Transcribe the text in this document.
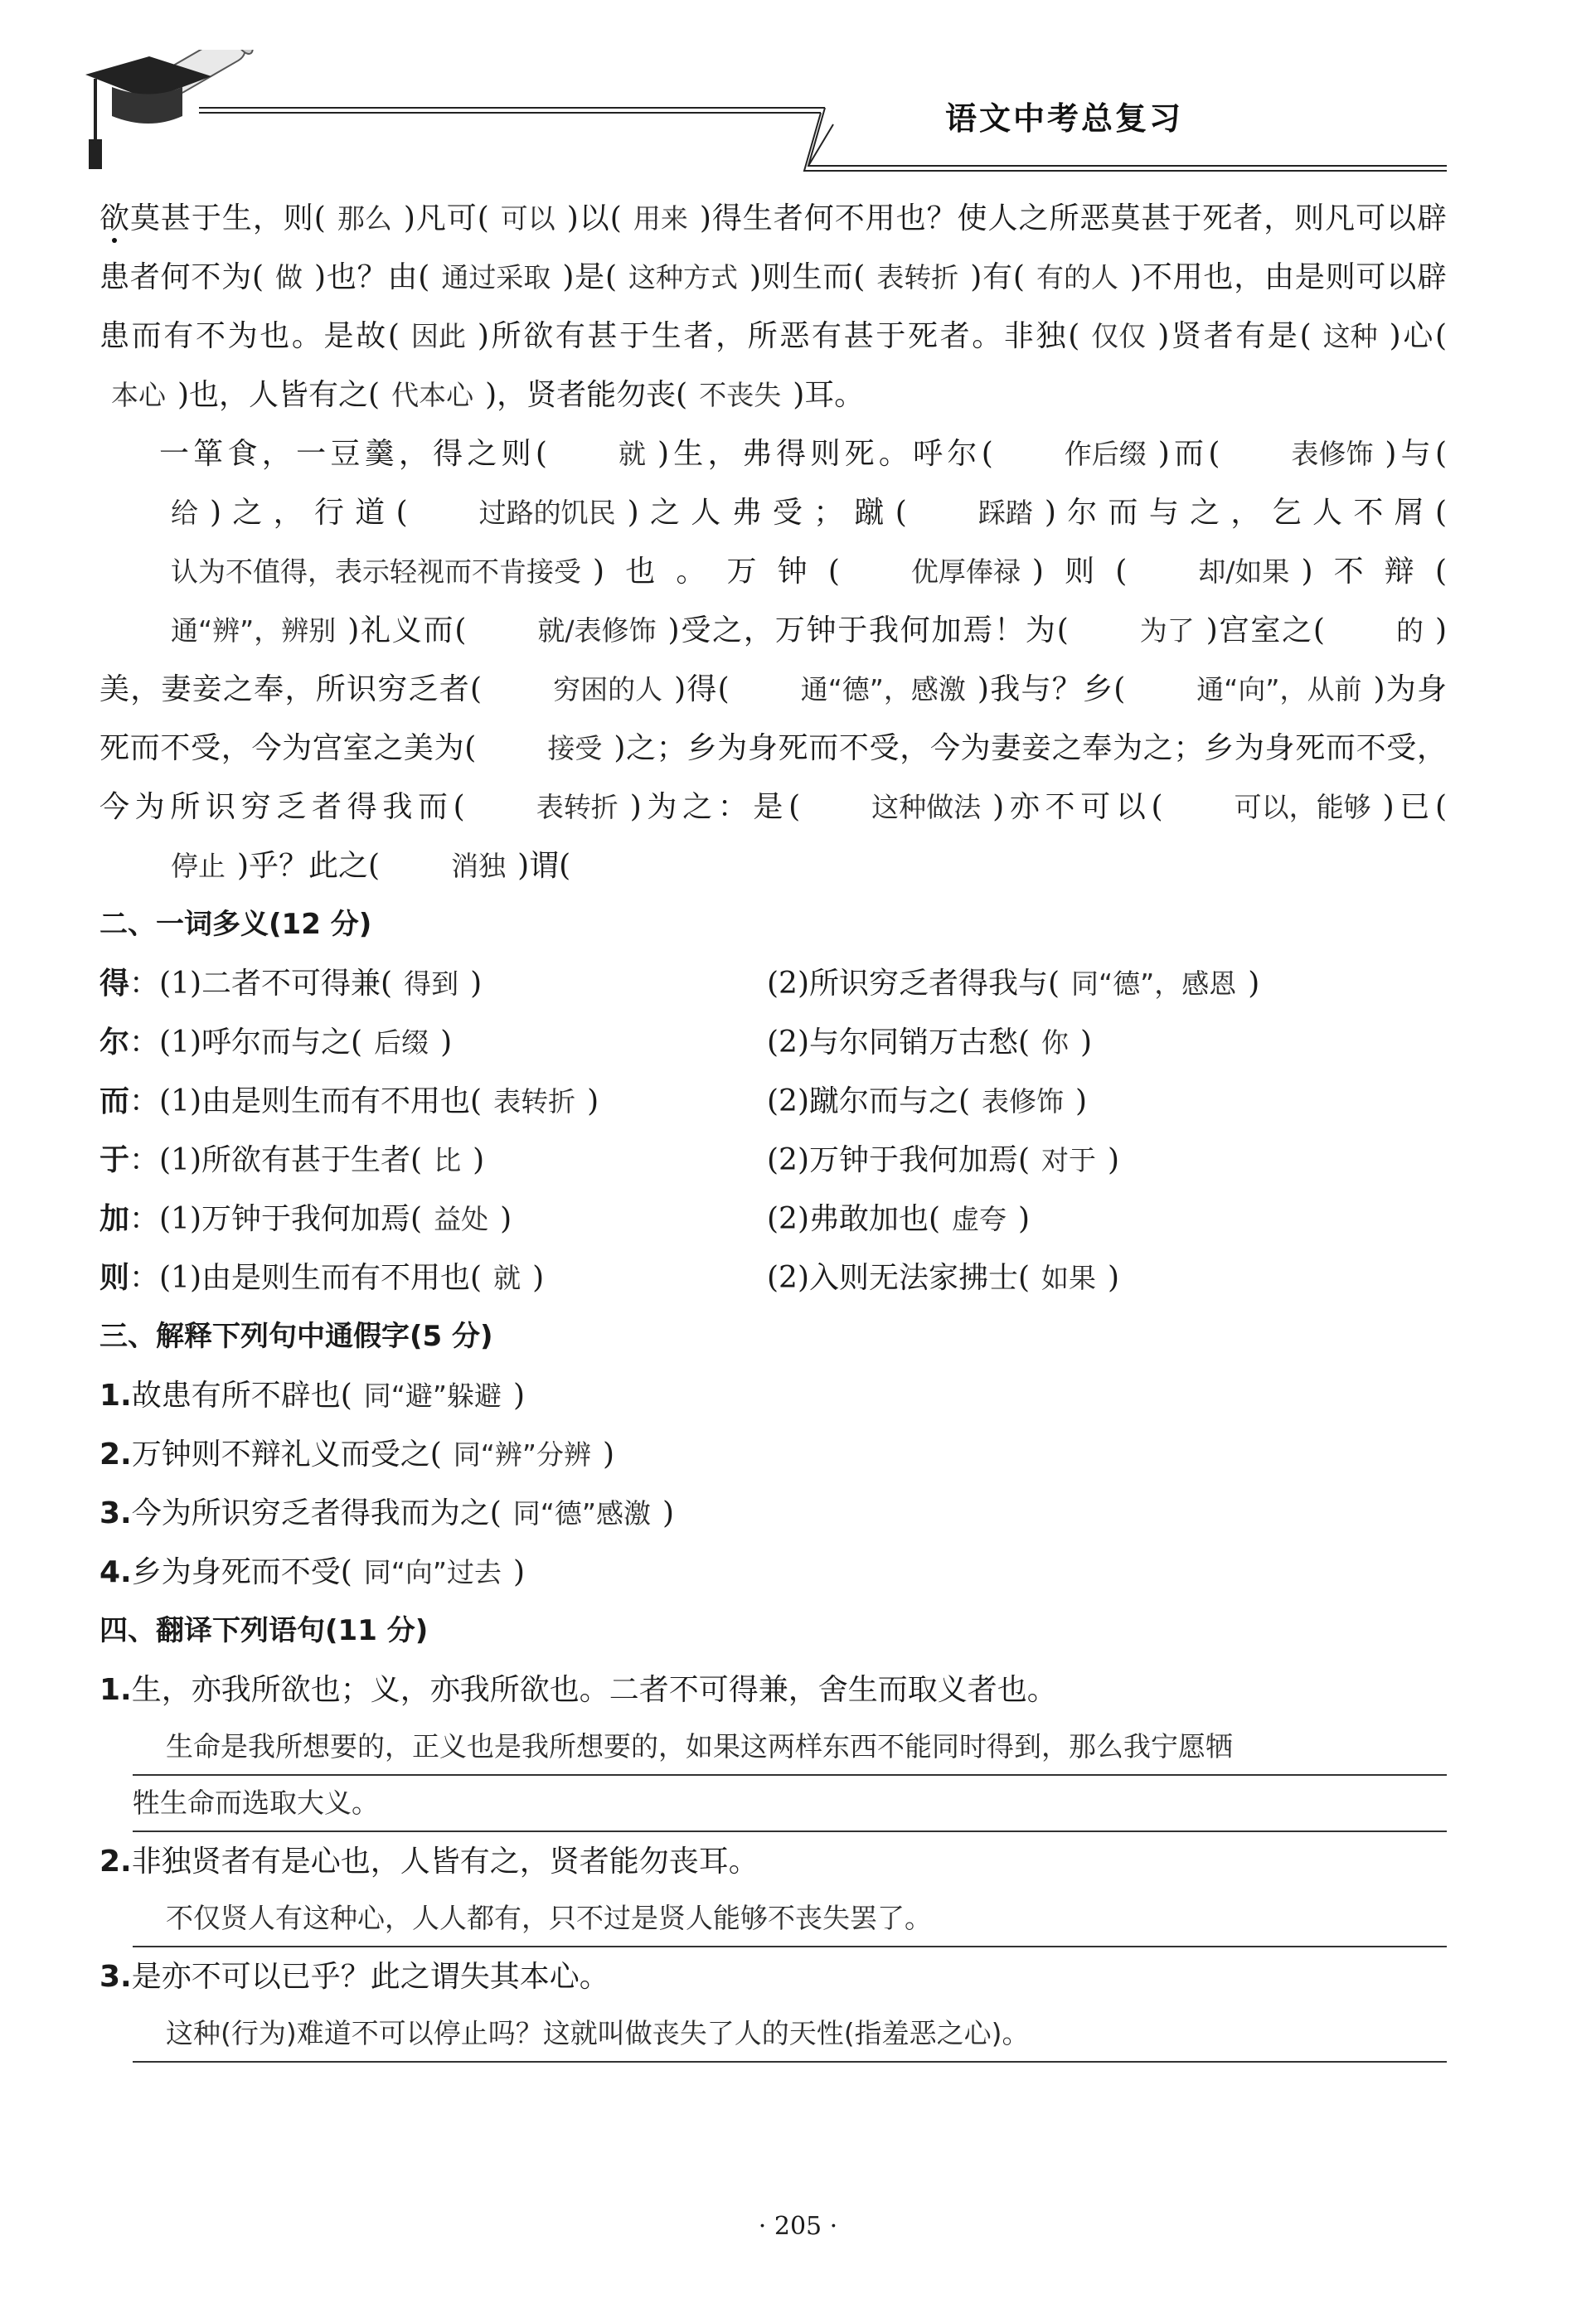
语文中考总复习

欲莫甚于生，则( 那么 )凡可( 可以 )以( 用来 )得生者何不用也？使人之所恶莫甚于死者，则凡可以辟患者何不为( 做 )也？由( 通过采取 )是( 这种方式 )则生而( 表转折 )有( 有的人 )不用也，由是则可以辟患而有不为也。是故( 因此 )所欲有甚于生者，所恶有甚于死者。非独( 仅仅 )贤者有是( 这种 )心(本心 )也，人皆有之( 代本心 )，贤者能勿丧( 不丧失 )耳。

一箪食，一豆羹，得之则(	就 )生，弗得则死。呼尔(	作后缀 )而(	表修饰 )与(给 )之，行道(	过路的饥民 )之人弗受；蹴(	踩踏 )尔而与之，乞人不屑(认为不值得，表示轻视而不肯接受 )也。万钟(	优厚俸禄 )则(	却/如果 )不辩(通“辨”，辨别 )礼义而(	就/表修饰 )受之，万钟于我何加焉！为(	为了 )宫室之(	的 )美，妻妾之奉，所识穷乏者(	穷困的人 )得(	通“德”，感激 )我与？乡(	通“向”，从前 )为身死而不受，今为宫室之美为(	接受 )之；乡为身死而不受，今为妻妾之奉为之；乡为身死而不受，今为所识穷乏者得我而(	表转折 )为之：是(	这种做法 )亦不可以(	可以，能够 )已(停止 )乎？此之(	消独 )谓(

二、一词多义(12 分)

得：(1)二者不可得兼( 得到 )	(2)所识穷乏者得我与( 同“德”，感恩 )
尔：(1)呼尔而与之( 后缀 )	(2)与尔同销万古愁( 你 )
而：(1)由是则生而有不用也( 表转折 )	(2)蹴尔而与之( 表修饰 )
于：(1)所欲有甚于生者( 比 )	(2)万钟于我何加焉( 对于 )
加：(1)万钟于我何加焉( 益处 )	(2)弗敢加也( 虚夸 )
则：(1)由是则生而有不用也( 就 )	(2)入则无法家拂士( 如果 )

三、解释下列句中通假字(5 分)

1.故患有所不辟也( 同“避”躲避 )

2.万钟则不辩礼义而受之( 同“辨”分辨 )

3.今为所识穷乏者得我而为之( 同“德”感激 )

4.乡为身死而不受( 同“向”过去 )

四、翻译下列语句(11 分)

1.生，亦我所欲也；义，亦我所欲也。二者不可得兼，舍生而取义者也。

生命是我所想要的，正义也是我所想要的，如果这两样东西不能同时得到，那么我宁愿牺
牲生命而选取大义。

2.非独贤者有是心也，人皆有之，贤者能勿丧耳。

不仅贤人有这种心，人人都有，只不过是贤人能够不丧失罢了。

3.是亦不可以已乎？此之谓失其本心。

这种(行为)难道不可以停止吗？这就叫做丧失了人的天性(指羞恶之心)。
· 205 ·
